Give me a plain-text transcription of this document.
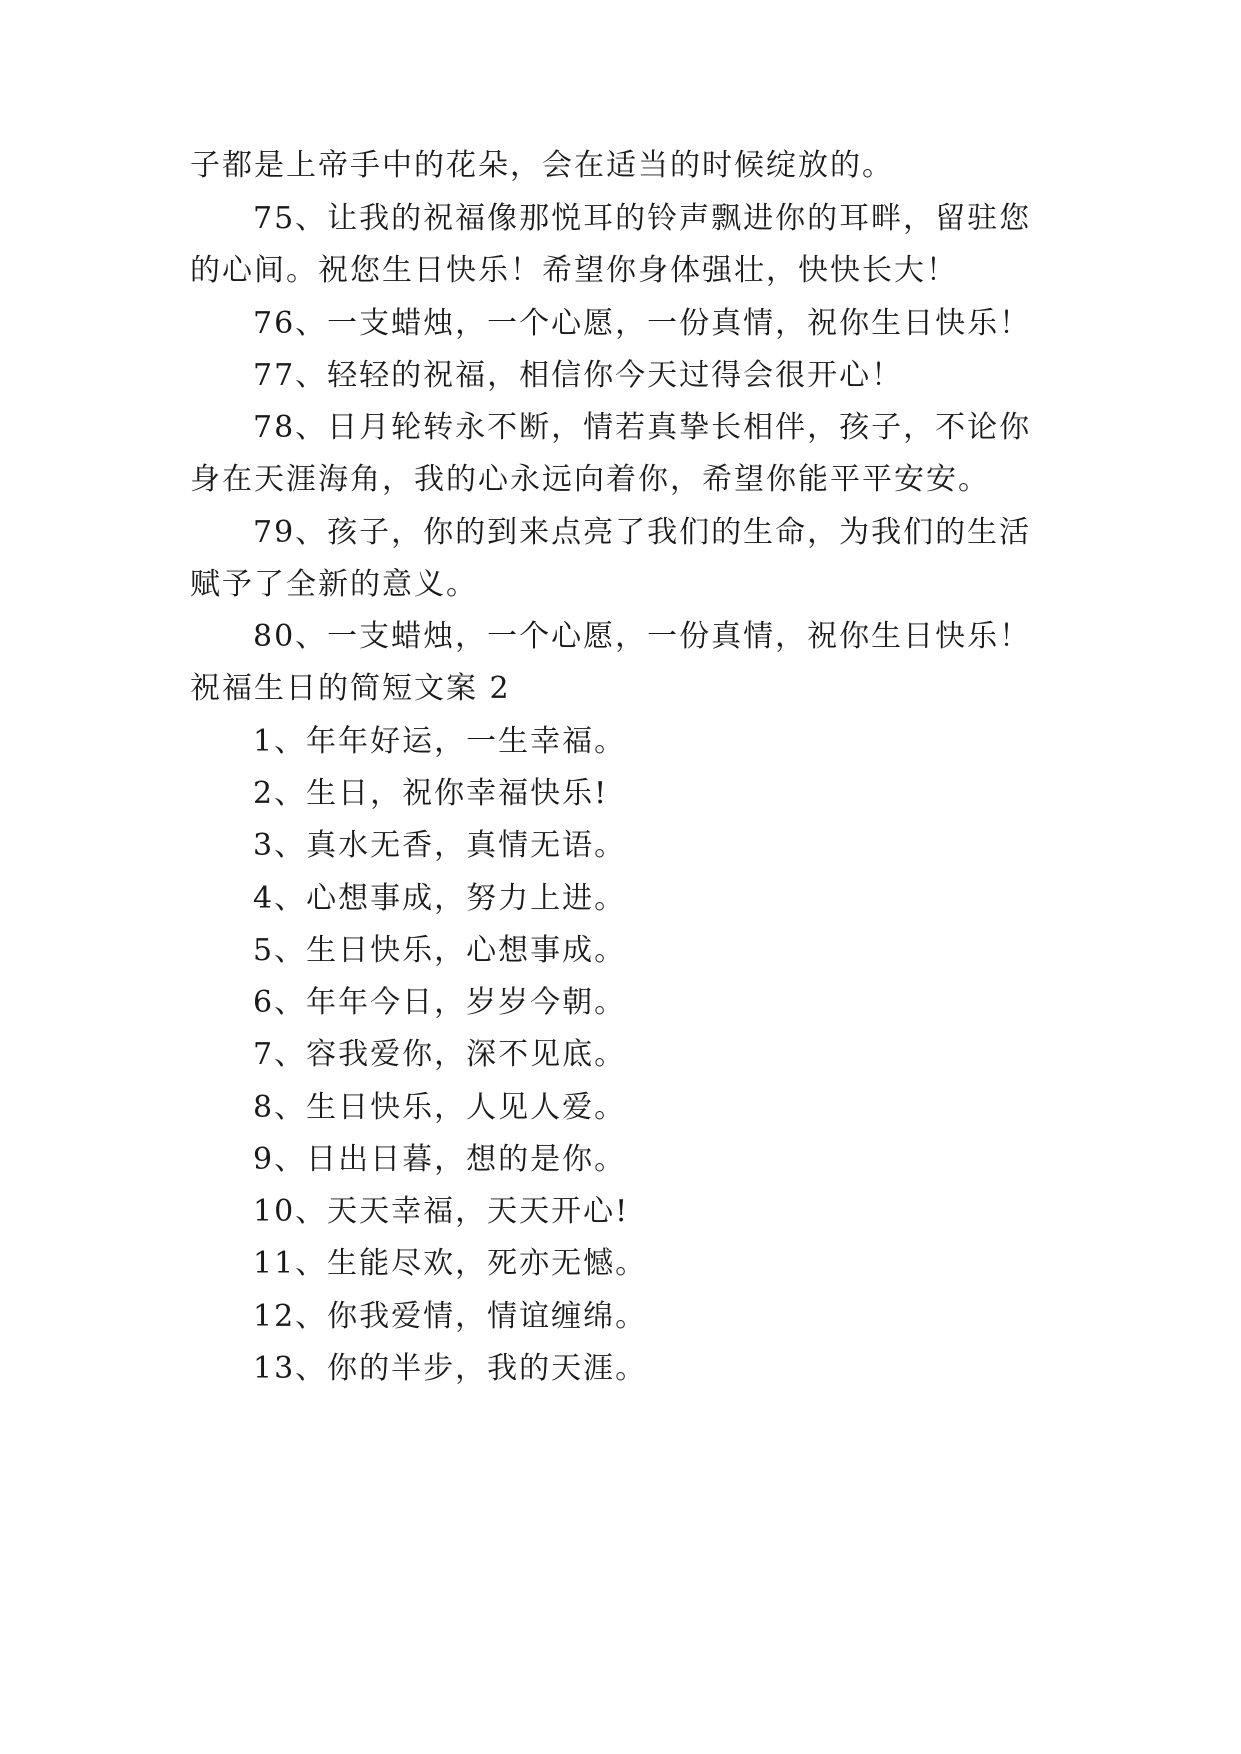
子都是上帝手中的花朵，会在适当的时候绽放的。
75、让我的祝福像那悦耳的铃声飘进你的耳畔，留驻您
的心间。祝您生日快乐！希望你身体强壮，快快长大！
76、一支蜡烛，一个心愿，一份真情，祝你生日快乐！
77、轻轻的祝福，相信你今天过得会很开心！
78、日月轮转永不断，情若真挚长相伴，孩子，不论你
身在天涯海角，我的心永远向着你，希望你能平平安安。
79、孩子，你的到来点亮了我们的生命，为我们的生活
赋予了全新的意义。
80、一支蜡烛，一个心愿，一份真情，祝你生日快乐！
祝福生日的简短文案 2
1、年年好运，一生幸福。
2、生日，祝你幸福快乐!
3、真水无香，真情无语。
4、心想事成，努力上进。
5、生日快乐，心想事成。
6、年年今日，岁岁今朝。
7、容我爱你，深不见底。
8、生日快乐，人见人爱。
9、日出日暮，想的是你。
10、天天幸福，天天开心!
11、生能尽欢，死亦无憾。
12、你我爱情，情谊缠绵。
13、你的半步，我的天涯。
